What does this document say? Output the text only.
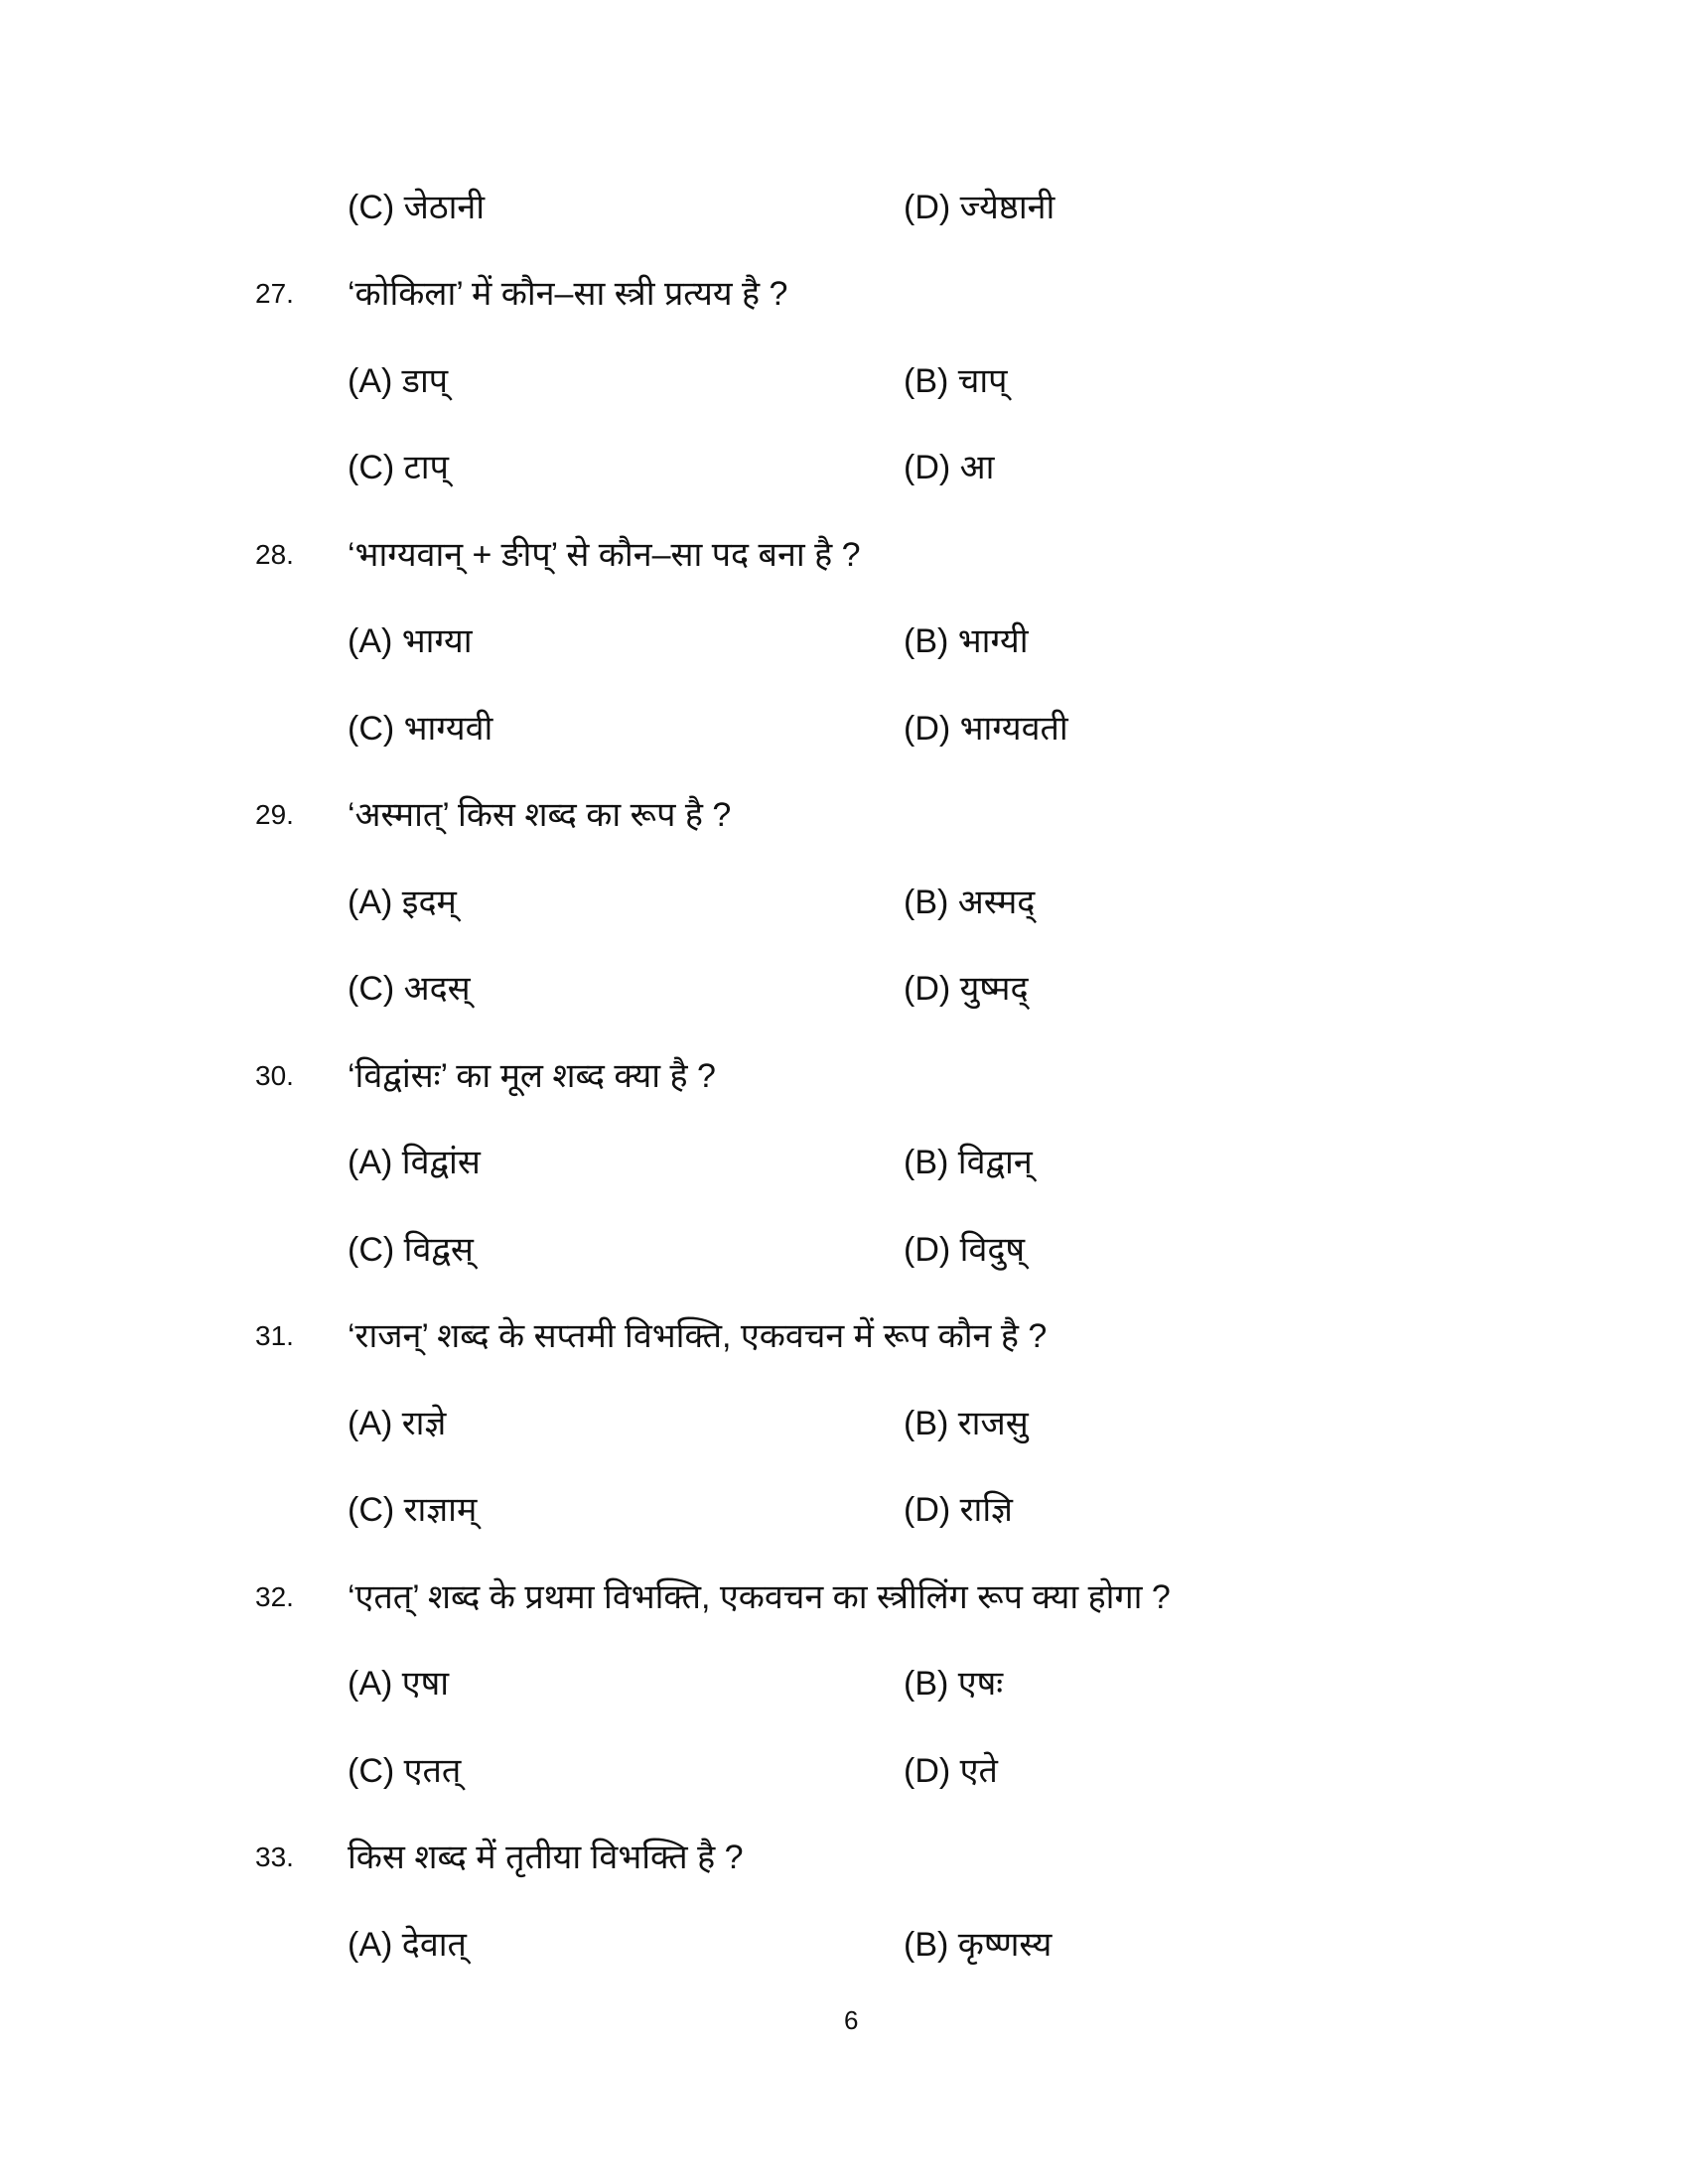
(C) जेठानी	(D) ज्येष्ठानी
27. ‘कोकिला’ में कौन–सा स्त्री प्रत्यय है ?
(A) डाप्	(B) चाप्
(C) टाप्	(D) आ
28. ‘भाग्यवान् + ङीप्’ से कौन–सा पद बना है ?
(A) भाग्या	(B) भाग्यी
(C) भाग्यवी	(D) भाग्यवती
29. ‘अस्मात्’ किस शब्द का रूप है ?
(A) इदम्	(B) अस्मद्
(C) अदस्	(D) युष्मद्
30. ‘विद्वांसः’ का मूल शब्द क्या है ?
(A) विद्वांस	(B) विद्वान्
(C) विद्वस्	(D) विदुष्
31. ‘राजन्’ शब्द के सप्तमी विभक्ति, एकवचन में रूप कौन है ?
(A) राज्ञे	(B) राजसु
(C) राज्ञाम्	(D) राज्ञि
32. ‘एतत्’ शब्द के प्रथमा विभक्ति, एकवचन का स्त्रीलिंग रूप क्या होगा ?
(A) एषा	(B) एषः
(C) एतत्	(D) एते
33. किस शब्द में तृतीया विभक्ति है ?
(A) देवात्	(B) कृष्णस्य
6
